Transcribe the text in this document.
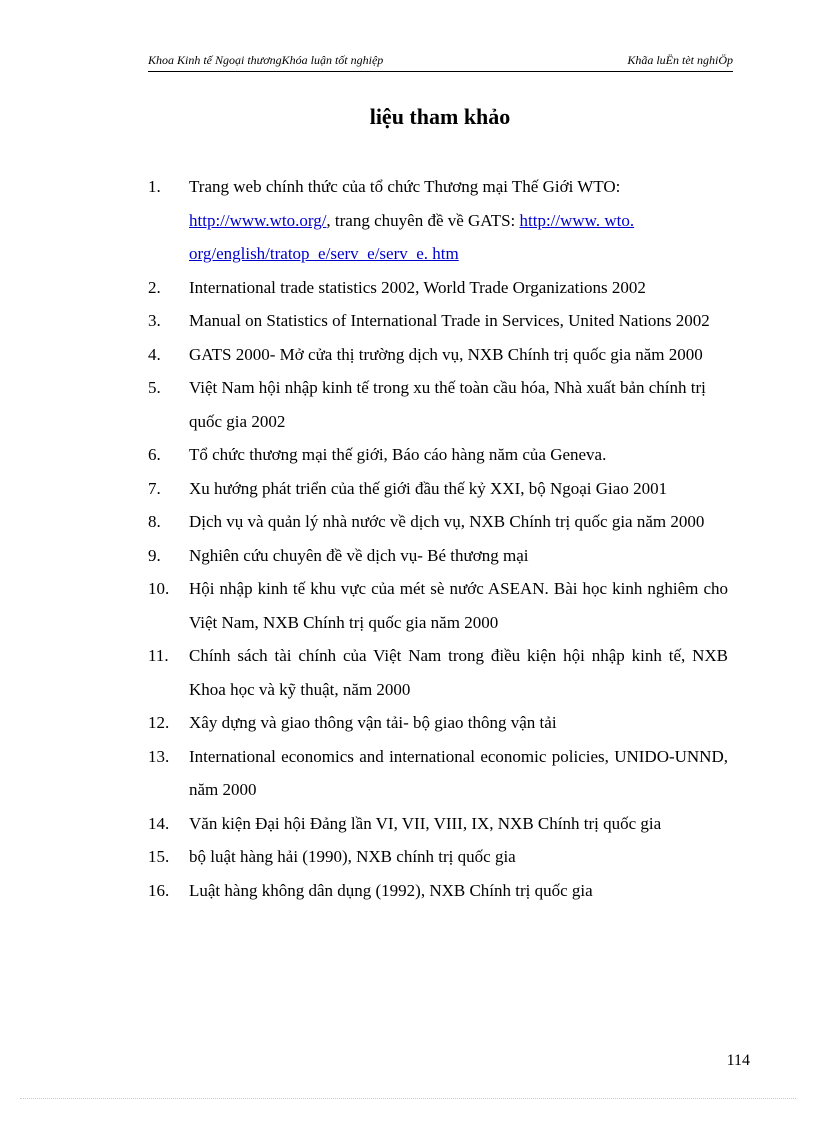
Khoa Kinh tế Ngoại thươngKhóa luận tốt nghiệp	Khãa luËn tèt nghiÖp
liệu tham khảo
1. Trang web chính thức của tổ chức Thương mại Thế Giới WTO: http://www.wto.org/, trang chuyên đề về GATS: http://www. wto. org/english/tratop_e/serv_e/serv_e. htm
2. International trade statistics 2002, World Trade Organizations 2002
3. Manual on Statistics of International Trade in Services, United Nations 2002
4. GATS 2000- Mở cửa thị trường dịch vụ, NXB Chính trị quốc gia năm 2000
5. Việt Nam hội nhập kinh tế trong xu thế toàn cầu hóa, Nhà xuất bản chính trị quốc gia 2002
6. Tổ chức thương mại thế giới, Báo cáo hàng năm của Geneva.
7. Xu hướng phát triển của thế giới đầu thế kỷ XXI, bộ Ngoại Giao 2001
8. Dịch vụ và quản lý nhà nước về dịch vụ, NXB Chính trị quốc gia năm 2000
9. Nghiên cứu chuyên đề về dịch vụ- Bé thương mại
10. Hội nhập kinh tế khu vực của mét sè nước ASEAN. Bài học kinh nghiêm cho Việt Nam, NXB Chính trị quốc gia năm 2000
11. Chính sách tài chính của Việt Nam trong điều kiện hội nhập kinh tế, NXB Khoa học và kỹ thuật, năm 2000
12. Xây dựng và giao thông vận tải- bộ giao thông vận tải
13. International economics and international economic policies, UNIDO-UNND, năm 2000
14. Văn kiện Đại hội Đảng lần VI, VII, VIII, IX, NXB Chính trị quốc gia
15. bộ luật hàng hải (1990), NXB chính trị quốc gia
16. Luật hàng không dân dụng (1992), NXB Chính trị quốc gia
114
